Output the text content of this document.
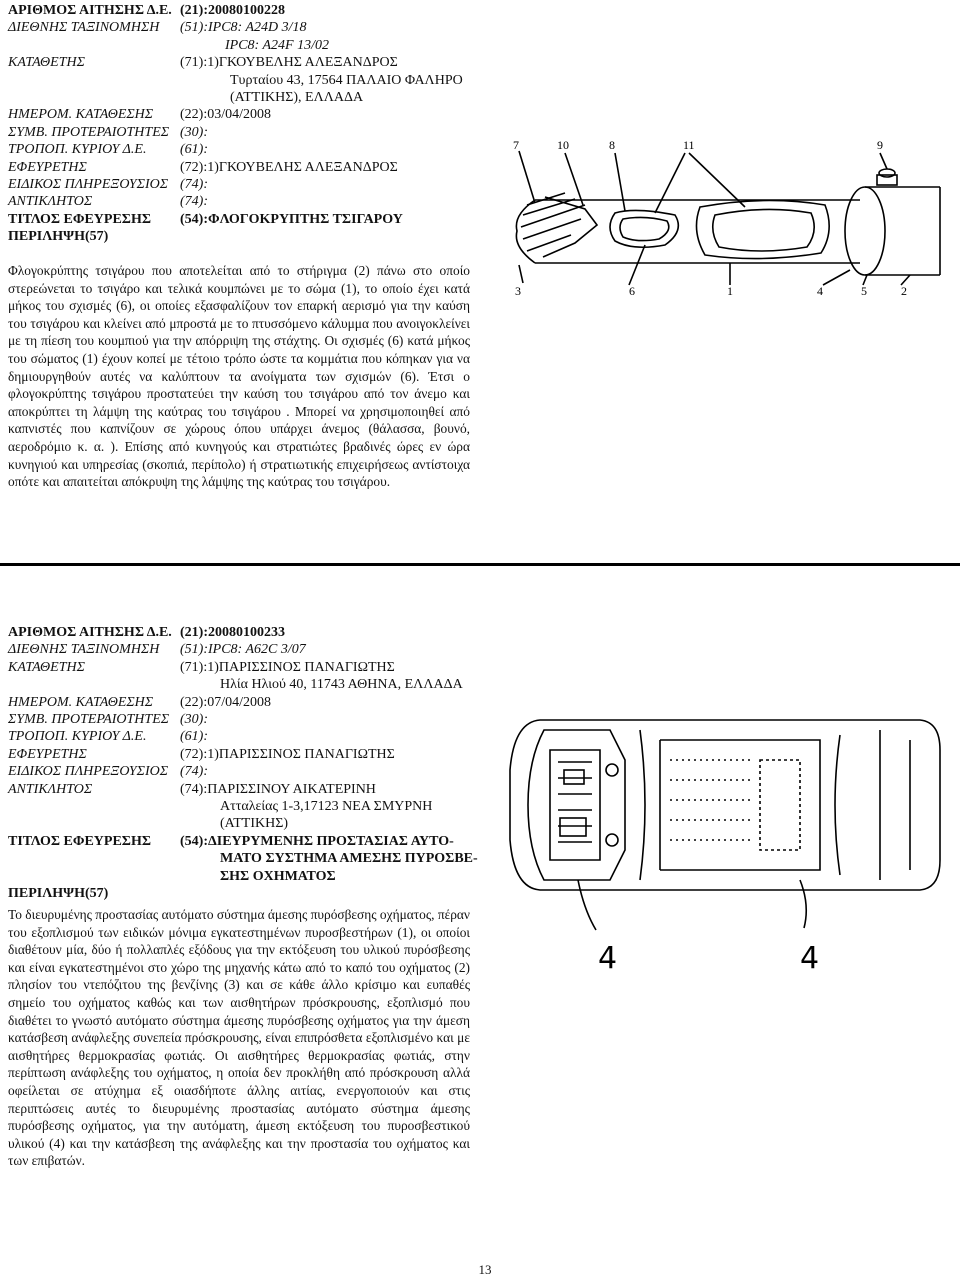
ΑΡΙΘΜΟΣ ΑΙΤΗΣΗΣ Δ.Ε. (21):20080100228
ΔΙΕΘΝΗΣ ΤΑΞΙΝΟΜΗΣΗ	(51):IPC8: A24D 3/18
IPC8: A24F 13/02
ΚΑΤΑΘΕΤΗΣ	(71):1)ΓΚΟΥΒΕΛΗΣ ΑΛΕΞΑΝΔΡΟΣ
Τυρταίου 43, 17564 ΠΑΛΑΙΟ ΦΑΛΗΡΟ
(ΑΤΤΙΚΗΣ), ΕΛΛΑΔΑ
ΗΜΕΡΟΜ. ΚΑΤΑΘΕΣΗΣ	(22):03/04/2008
ΣΥΜΒ. ΠΡΟΤΕΡΑΙΟΤΗΤΕΣ (30):
ΤΡΟΠΟΠ. ΚΥΡΙΟΥ Δ.Ε.	(61):
ΕΦΕΥΡΕΤΗΣ	(72):1)ΓΚΟΥΒΕΛΗΣ ΑΛΕΞΑΝΔΡΟΣ
ΕΙΔΙΚΟΣ ΠΛΗΡΕΞΟΥΣΙΟΣ (74):
ΑΝΤΙΚΛΗΤΟΣ	(74):
ΤΙΤΛΟΣ ΕΦΕΥΡΕΣΗΣ	(54):ΦΛΟΓΟΚΡΥΠΤΗΣ ΤΣΙΓΑΡΟΥ
ΠΕΡΙΛΗΨΗ(57)

Φλογοκρύπτης τσιγάρου που αποτελείται από το στήριγμα (2) πάνω στο οποίο στερεώνεται το τσιγάρο και τελικά κουμπώνει με το σώμα (1), το οποίο έχει κατά μήκος του σχισμές (6), οι οποίες εξασφαλίζουν τον επαρκή αερισμό για την καύση του τσιγάρου και κλείνει από μπροστά με το πτυσσόμενο κάλυμμα που ανοιγοκλείνει με τη πίεση του κουμπιού για την απόρριψη της στάχτης. Οι σχισμές (6) κατά μήκος του σώματος (1) έχουν κοπεί με τέτοιο τρόπο ώστε τα κομμάτια που κόπηκαν για να δημιουργηθούν αυτές να καλύπτουν τα ανοίγματα των σχισμών (6). Έτσι ο φλογοκρύπτης τσιγάρου προστατεύει την καύση του τσιγάρου από τον άνεμο και αποκρύπτει τη λάμψη της καύτρας του τσιγάρου . Μπορεί να χρησιμοποιηθεί από καπνιστές που καπνίζουν σε χώρους όπου υπάρχει άνεμος (θάλασσα, βουνό, αεροδρόμιο κ. α. ). Επίσης από κυνηγούς και στρατιώτες βραδινές ώρες εν ώρα κυνηγιού και υπηρεσίας (σκοπιά, περίπολο) ή στρατιωτικής επιχειρήσεως αντίστοιχα οπότε και απαιτείται απόκρυψη της λάμψης της καύτρας του τσιγάρου.

7	10	8	11	9
3	6	1	4	5	2
ΑΡΙΘΜΟΣ ΑΙΤΗΣΗΣ Δ.Ε. (21):20080100233
ΔΙΕΘΝΗΣ ΤΑΞΙΝΟΜΗΣΗ	(51):IPC8: A62C 3/07
ΚΑΤΑΘΕΤΗΣ	(71):1)ΠΑΡΙΣΣΙΝΟΣ ΠΑΝΑΓΙΩΤΗΣ
Ηλία Ηλιού 40, 11743 ΑΘΗΝΑ, ΕΛΛΑΔΑ
ΗΜΕΡΟΜ. ΚΑΤΑΘΕΣΗΣ	(22):07/04/2008
ΣΥΜΒ. ΠΡΟΤΕΡΑΙΟΤΗΤΕΣ (30):
ΤΡΟΠΟΠ. ΚΥΡΙΟΥ Δ.Ε.	(61):
ΕΦΕΥΡΕΤΗΣ	(72):1)ΠΑΡΙΣΣΙΝΟΣ ΠΑΝΑΓΙΩΤΗΣ
ΕΙΔΙΚΟΣ ΠΛΗΡΕΞΟΥΣΙΟΣ (74):
ΑΝΤΙΚΛΗΤΟΣ	(74):ΠΑΡΙΣΣΙΝΟΥ ΑΙΚΑΤΕΡΙΝΗ
Ατταλείας 1-3,17123 ΝΕΑ ΣΜΥΡΝΗ
(ΑΤΤΙΚΗΣ)
ΤΙΤΛΟΣ ΕΦΕΥΡΕΣΗΣ	(54):ΔΙΕΥΡΥΜΕΝΗΣ ΠΡΟΣΤΑΣΙΑΣ ΑΥΤΟ-
ΜΑΤΟ ΣΥΣΤΗΜΑ ΑΜΕΣΗΣ ΠΥΡΟΣΒΕ-
ΣΗΣ ΟΧΗΜΑΤΟΣ
ΠΕΡΙΛΗΨΗ(57)

Το διευρυμένης προστασίας αυτόματο σύστημα άμεσης πυρόσβεσης οχήματος, πέραν του εξοπλισμού των ειδικών μόνιμα εγκατεστημένων πυροσβεστήρων (1), οι οποίοι διαθέτουν μία, δύο ή πολλαπλές εξόδους για την εκτόξευση του υλικού πυρόσβεσης και είναι εγκατεστημένοι στο χώρο της μηχανής κάτω από το καπό του οχήματος (2) πλησίον του ντεπόζιτου της βενζίνης (3) και σε κάθε άλλο κρίσιμο και ευπαθές σημείο του οχήματος καθώς και των αισθητήρων πρόσκρουσης, εξοπλισμό που διαθέτει το γνωστό αυτόματο σύστημα άμεσης πυρόσβεσης οχήματος για την άμεση κατάσβεση ανάφλεξης συνεπεία πρόσκρουσης, είναι επιπρόσθετα εξοπλισμένο και με αισθητήρες θερμοκρασίας φωτιάς. Οι αισθητήρες θερμοκρασίας φωτιάς, στην περίπτωση ανάφλεξης του οχήματος, η οποία δεν προκλήθη από πρόσκρουση αλλά οφείλεται σε ατύχημα εξ οιασδήποτε άλλης αιτίας, ενεργοποιούν και στις περιπτώσεις αυτές το διευρυμένης προστασίας αυτόματο σύστημα άμεσης πυρόσβεσης οχήματος, για την αυτόματη, άμεση εκτόξευση του πυροσβεστικού υλικού (4) και την κατάσβεση της ανάφλεξης και την προστασία του οχήματος και των επιβατών.

4	4
13
